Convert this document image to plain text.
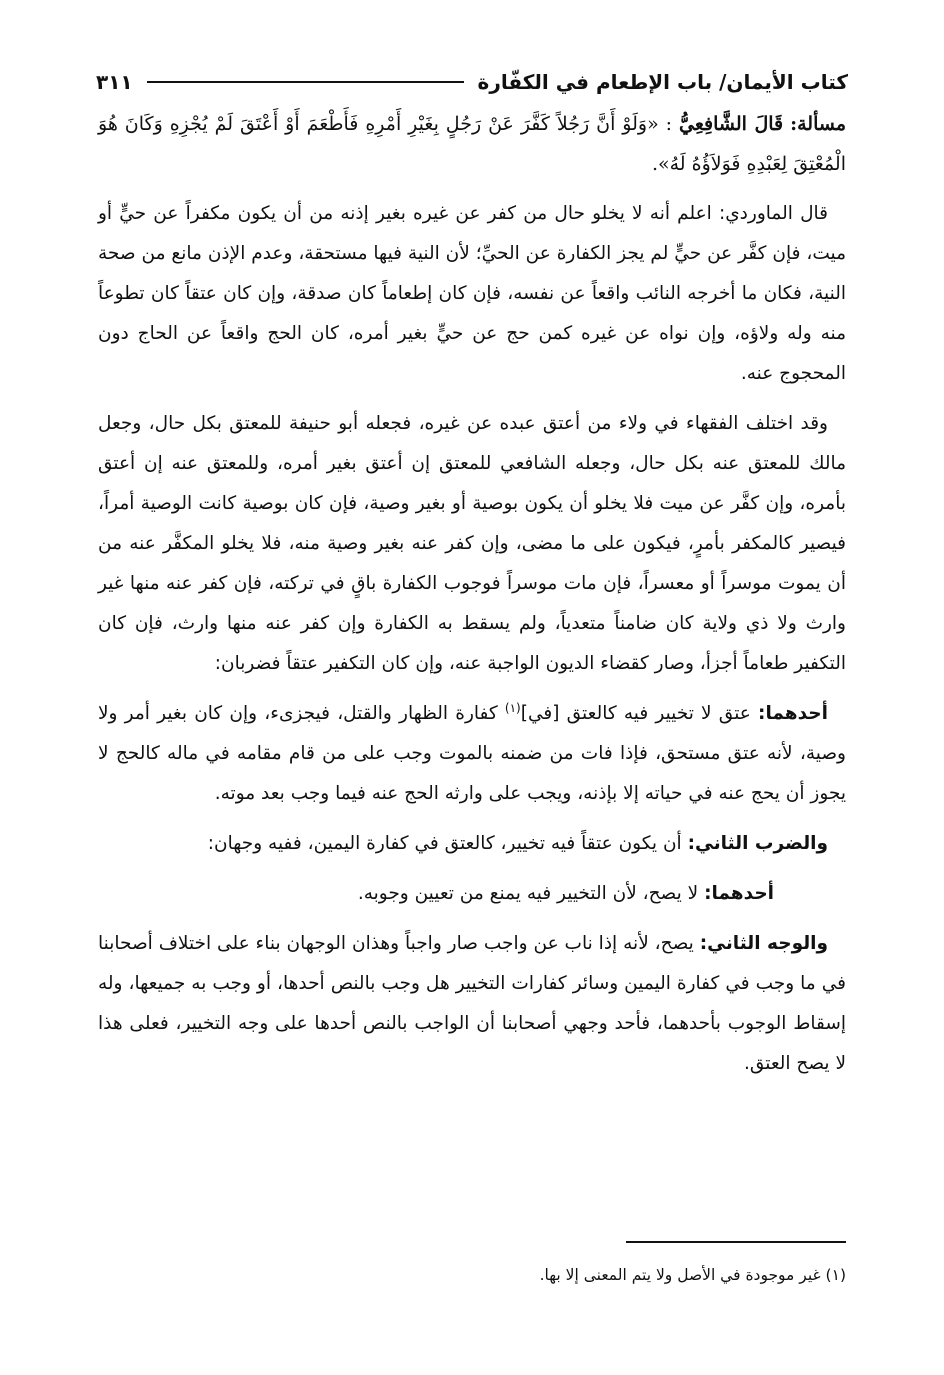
كتاب الأيمان/ باب الإطعام في الكفّارة
٣١١

مسألة: قَالَ الشَّافِعِيُّ : «وَلَوْ أَنَّ رَجُلاً كَفَّرَ عَنْ رَجُلٍ بِغَيْرِ أَمْرِهِ فَأَطْعَمَ أَوْ أَعْتَقَ لَمْ يُجْزِهِ وَكَانَ هُوَ الْمُعْتِقَ لِعَبْدِهِ فَوَلاَؤُهُ لَهُ».

قال الماوردي: اعلم أنه لا يخلو حال من كفر عن غيره بغير إذنه من أن يكون مكفراً عن حيٍّ أو ميت، فإن كفَّر عن حيٍّ لم يجز الكفارة عن الحيِّ؛ لأن النية فيها مستحقة، وعدم الإذن مانع من صحة النية، فكان ما أخرجه النائب واقعاً عن نفسه، فإن كان إطعاماً كان صدقة، وإن كان عتقاً كان تطوعاً منه وله ولاؤه، وإن نواه عن غيره كمن حج عن حيٍّ بغير أمره، كان الحج واقعاً عن الحاج دون المحجوج عنه.

وقد اختلف الفقهاء في ولاء من أعتق عبده عن غيره، فجعله أبو حنيفة للمعتق بكل حال، وجعل مالك للمعتق عنه بكل حال، وجعله الشافعي للمعتق إن أعتق بغير أمره، وللمعتق عنه إن أعتق بأمره، وإن كفَّر عن ميت فلا يخلو أن يكون بوصية أو بغير وصية، فإن كان بوصية كانت الوصية أمراً، فيصير كالمكفر بأمرٍ، فيكون على ما مضى، وإن كفر عنه بغير وصية منه، فلا يخلو المكفَّر عنه من أن يموت موسراً أو معسراً، فإن مات موسراً فوجوب الكفارة باقٍ في تركته، فإن كفر عنه منها غير وارث ولا ذي ولاية كان ضامناً متعدياً، ولم يسقط به الكفارة وإن كفر عنه منها وارث، فإن كان التكفير طعاماً أجزأ، وصار كقضاء الديون الواجبة عنه، وإن كان التكفير عتقاً فضربان:

أحدهما: عتق لا تخيير فيه كالعتق [في]$^{(١)}$ كفارة الظهار والقتل، فيجزىء، وإن كان بغير أمر ولا وصية، لأنه عتق مستحق، فإذا فات من ضمنه بالموت وجب على من قام مقامه في ماله كالحج لا يجوز أن يحج عنه في حياته إلا بإذنه، ويجب على وارثه الحج عنه فيما وجب بعد موته.

والضرب الثاني: أن يكون عتقاً فيه تخيير، كالعتق في كفارة اليمين، ففيه وجهان:

أحدهما: لا يصح، لأن التخيير فيه يمنع من تعيين وجوبه.

والوجه الثاني: يصح، لأنه إذا ناب عن واجب صار واجباً وهذان الوجهان بناء على اختلاف أصحابنا في ما وجب في كفارة اليمين وسائر كفارات التخيير هل وجب بالنص أحدها، أو وجب به جميعها، وله إسقاط الوجوب بأحدهما، فأحد وجهي أصحابنا أن الواجب بالنص أحدها على وجه التخيير، فعلى هذا لا يصح العتق.

(١) غير موجودة في الأصل ولا يتم المعنى إلا بها.
